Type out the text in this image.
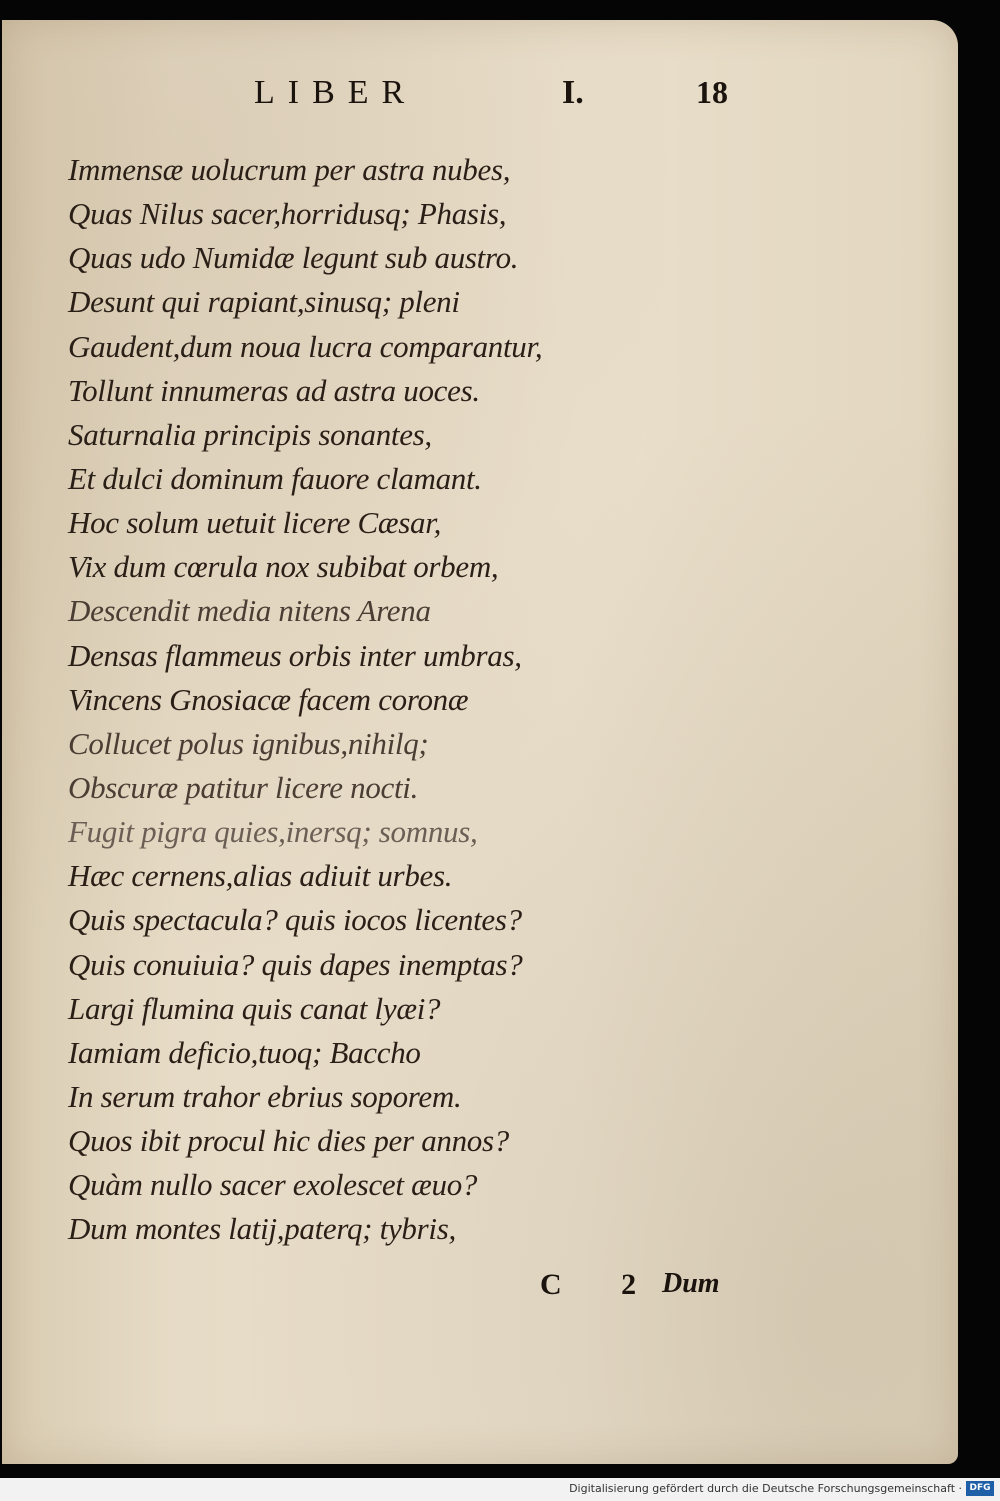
LIBER	I.	18
Immensæ uolucrum per astra nubes,
Quas Nilus sacer,horridusq; Phasis,
Quas udo Numidæ legunt sub austro.
Desunt qui rapiant,sinusq; pleni
Gaudent,dum noua lucra comparantur,
Tollunt innumeras ad astra uoces.
Saturnalia principis sonantes,
Et dulci dominum fauore clamant.
Hoc solum uetuit licere Cæsar,
Vix dum cœrula nox subibat orbem,
Descendit media nitens Arena
Densas flammeus orbis inter umbras,
Vincens Gnosiacæ facem coronæ
Collucet polus ignibus,nihilq;
Obscuræ patitur licere nocti.
Fugit pigra quies,inersq; somnus,
Hæc cernens,alias adiuit urbes.
Quis spectacula? quis iocos licentes?
Quis conuiuia? quis dapes inemptas?
Largi flumina quis canat lyæi?
Iamiam deficio,tuoq; Baccho
In serum trahor ebrius soporem.
Quos ibit procul hic dies per annos?
Quàm nullo sacer exolescet æuo?
Dum montes latij,paterq; tybris,
C 2 Dum
Digitalisierung gefördert durch die Deutsche Forschungsgemeinschaft · DFG
